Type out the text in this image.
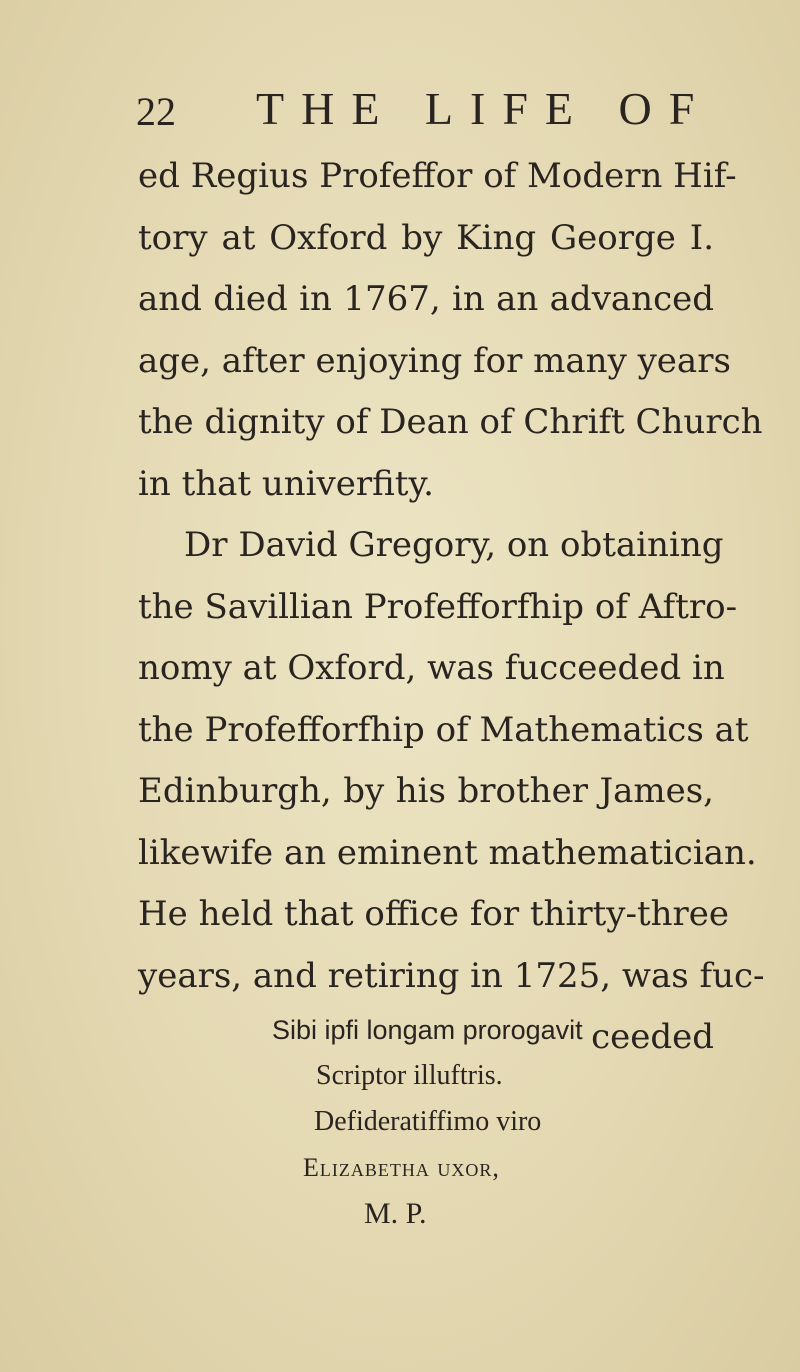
22 THE LIFE OF
ed Regius Profeffor of Modern Hif-
tory at Oxford by King George I.
and died in 1767, in an advanced
age, after enjoying for many years
the dignity of Dean of Chrift Church
in that univerfity.
Dr David Gregory, on obtaining
the Savillian Profefforfhip of Aftro-
nomy at Oxford, was fucceeded in
the Profefforfhip of Mathematics at
Edinburgh, by his brother James,
likewife an eminent mathematician.
He held that office for thirty-three
years, and retiring in 1725, was fuc-
ceeded
Sibi ipfi longam prorogavit
Scriptor illuftris.
Defideratiffimo viro
Elizabetha uxor,
M. P.
